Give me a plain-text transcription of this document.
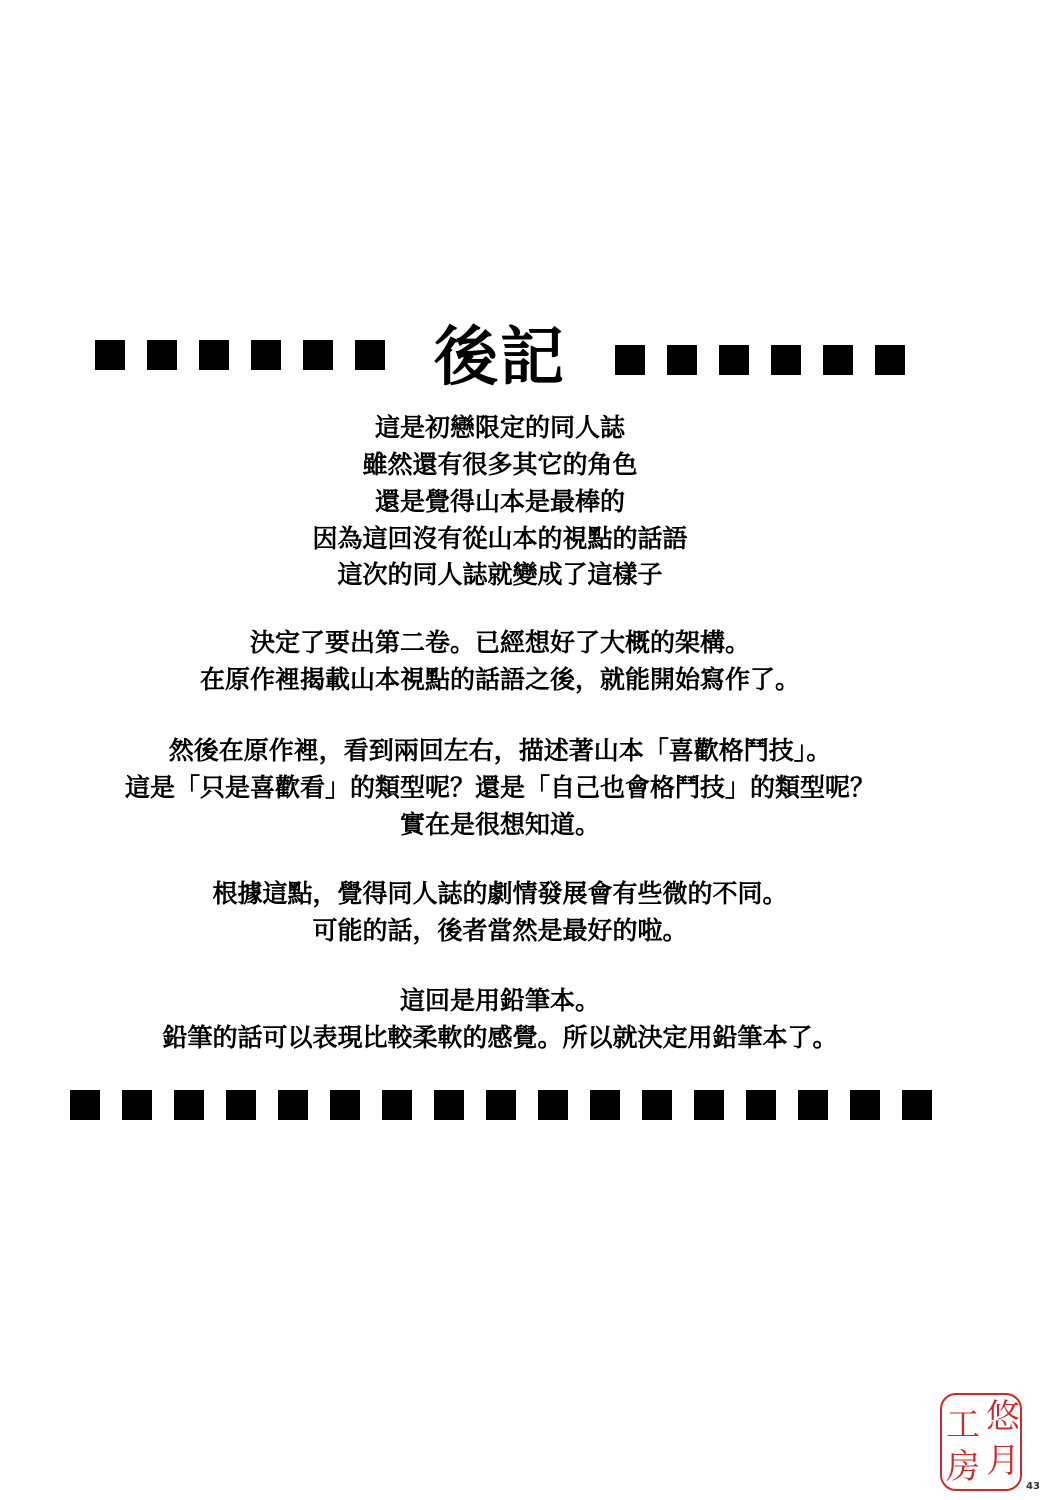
後記
這是初戀限定的同人誌
雖然還有很多其它的角色
還是覺得山本是最棒的
因為這回沒有從山本的視點的話語
這次的同人誌就變成了這樣子
決定了要出第二卷。已經想好了大概的架構。
在原作裡揭載山本視點的話語之後，就能開始寫作了。
然後在原作裡，看到兩回左右，描述著山本「喜歡格鬥技」。
這是「只是喜歡看」的類型呢？還是「自己也會格鬥技」的類型呢？
實在是很想知道。
根據這點，覺得同人誌的劇情發展會有些微的不同。
可能的話，後者當然是最好的啦。
這回是用鉛筆本。
鉛筆的話可以表現比較柔軟的感覺。所以就決定用鉛筆本了。
悠
月
工
房	43
